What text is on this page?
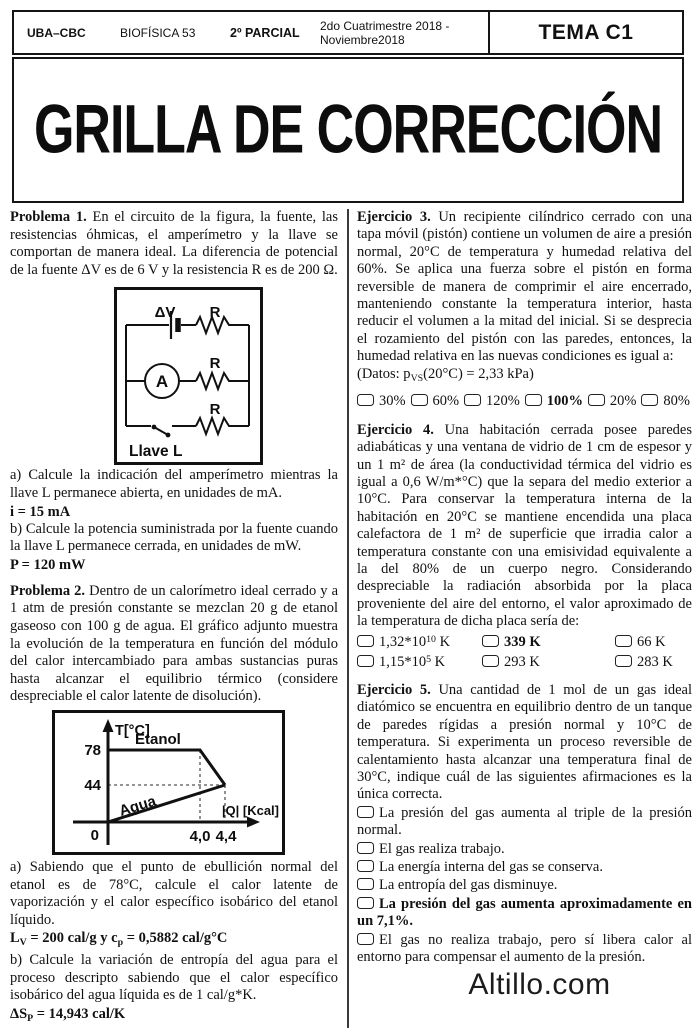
UBA–CBC	BIOFÍSICA 53	2º PARCIAL	2do Cuatrimestre 2018 -
Noviembre2018	TEMA C1
GRILLA DE CORRECCIÓN

Problema 1. En el circuito de la figura, la fuente, las resistencias óhmicas, el amperímetro y la llave se comportan de manera ideal. La diferencia de potencial de la fuente ΔV es de 6 V y la resistencia R es de 200 Ω.

ΔV R
R
R
A
Llave L

a) Calcule la indicación del amperímetro mientras la llave L permanece abierta, en unidades de mA.

i = 15 mA

b) Calcule la potencia suministrada por la fuente cuando la llave L permanece cerrada, en unidades de mW.

P = 120 mW

Problema 2. Dentro de un calorímetro ideal cerrado y a 1 atm de presión constante se mezclan 20 g de etanol gaseoso con 100 g de agua. El gráfico adjunto muestra la evolución de la temperatura en función del módulo del calor intercambiado para ambas sustancias puras hasta alcanzar el equilibrio térmico (considere despreciable el calor latente de disolución).

T[°C]
Etanol
Agua
78
44
0	4,0 4,4
|Q| [Kcal]

a) Sabiendo que el punto de ebullición normal del etanol es de 78°C, calcule el calor latente de vaporización y el calor específico isobárico del etanol líquido.

$L_V = 200$ cal/g y $c_p = 0,5882$ cal/g°C

b) Calcule la variación de entropía del agua para el proceso descripto sabiendo que el calor específico isobárico del agua líquida es de 1 cal/g*K.

$\Delta S_P = 14,943$ cal/K

Ejercicio 3. Un recipiente cilíndrico cerrado con una tapa móvil (pistón) contiene un volumen de aire a presión normal, 20°C de temperatura y humedad relativa del 60%. Se aplica una fuerza sobre el pistón en forma reversible de manera de comprimir el aire encerrado, manteniendo constante la temperatura interior, hasta reducir el volumen a la mitad del inicial. Si se desprecia el rozamiento del pistón con las paredes, entonces, la humedad relativa en las nuevas condiciones es igual a:
(Datos: $p_{VS}(20^\circ C) = 2,33$ kPa)

30%	60%	120%	100%	20%	80%

Ejercicio 4. Una habitación cerrada posee paredes adiabáticas y una ventana de vidrio de 1 cm de espesor y un 1 m² de área (la conductividad térmica del vidrio es igual a 0,6 W/m*°C) que la separa del medio exterior a 10°C. Para conservar la temperatura interna de la habitación en 20°C se mantiene encendida una placa calefactora de 1 m² de superficie que irradia calor a temperatura constante con una emisividad equivalente a la del 80% de un cuerpo negro. Considerando despreciable la radiación absorbida por la placa proveniente del aire del entorno, el valor aproximado de la temperatura de dicha placa sería de:

$1,32*10^{10}$ K	339 K	66 K
$1,15*10^5$ K	293 K	283 K

Ejercicio 5. Una cantidad de 1 mol de un gas ideal diatómico se encuentra en equilibrio dentro de un tanque de paredes rígidas a presión normal y 10°C de temperatura. Si experimenta un proceso reversible de calentamiento hasta alcanzar una temperatura final de 30°C, indique cuál de las siguientes afirmaciones es la única correcta.

La presión del gas aumenta al triple de la presión normal.
El gas realiza trabajo.
La energía interna del gas se conserva.
La entropía del gas disminuye.
La presión del gas aumenta aproximadamente en un 7,1%.
El gas no realiza trabajo, pero sí libera calor al entorno para compensar el aumento de la presión.
Altillo.com
